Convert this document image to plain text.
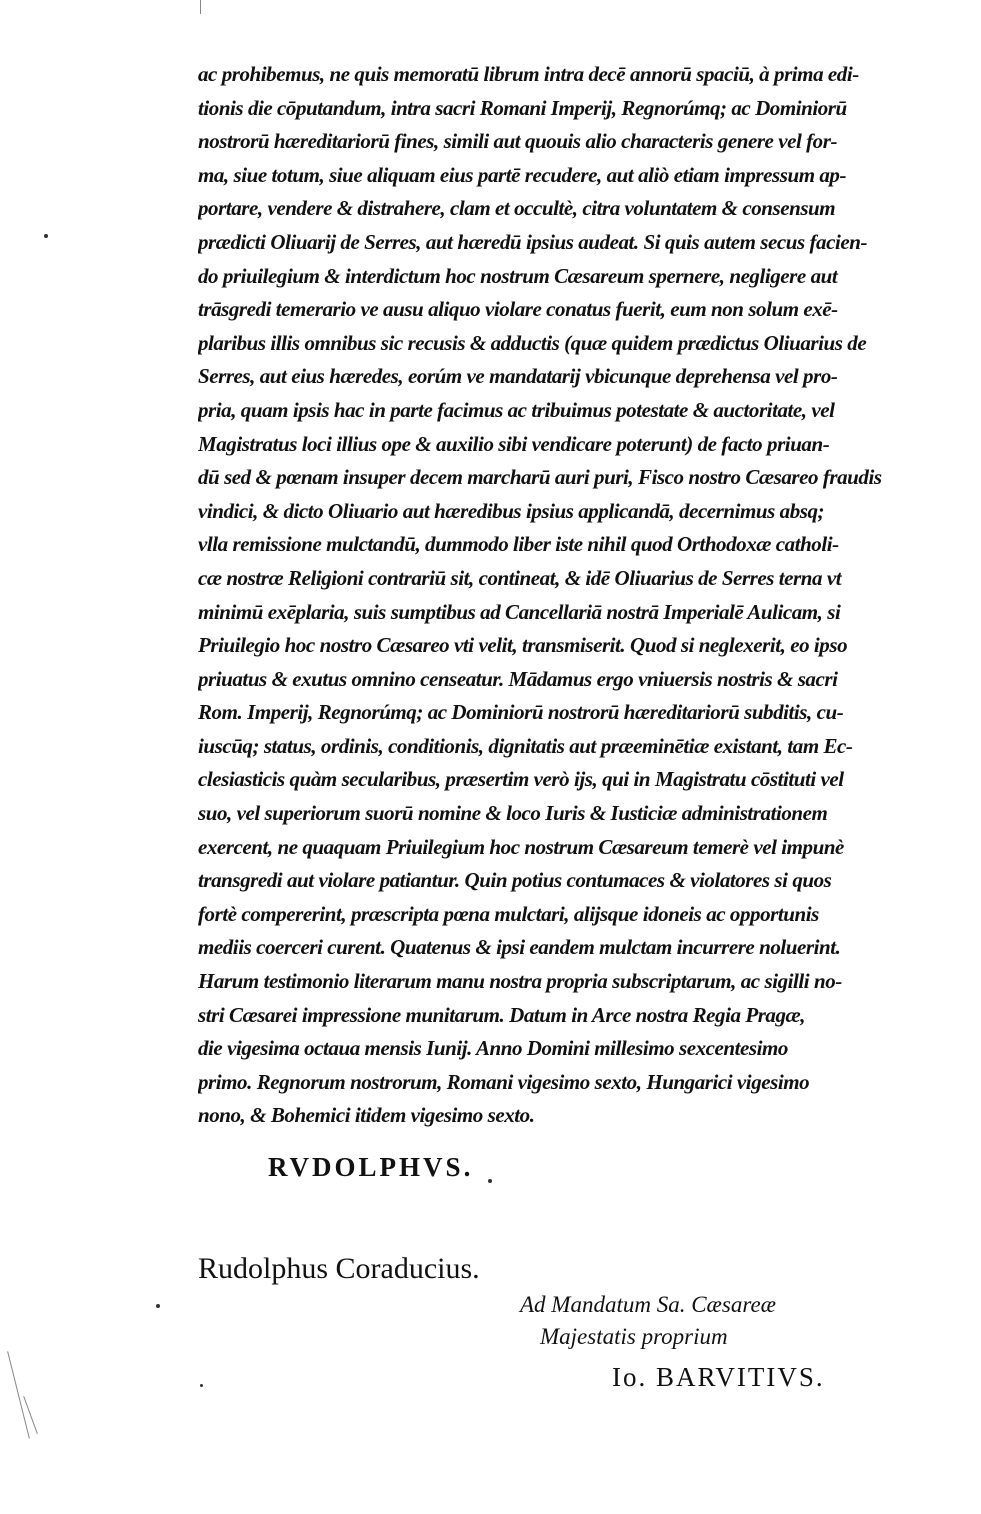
ac prohibemus, ne quis memoratū librum intra decē annorū spaciū, à prima edi-
tionis die cōputandum, intra sacri Romani Imperij, Regnorúmq; ac Dominiorū
nostrorū hæreditariorū fines, simili aut quouis alio characteris genere vel for-
ma, siue totum, siue aliquam eius partē recudere, aut aliò etiam impressum ap-
portare, vendere & distrahere, clam et occultè, citra voluntatem & consensum
prædicti Oliuarij de Serres, aut hæredū ipsius audeat. Si quis autem secus facien-
do priuilegium & interdictum hoc nostrum Cæsareum spernere, negligere aut
trāsgredi temerario ve ausu aliquo violare conatus fuerit, eum non solum exē-
plaribus illis omnibus sic recusis & adductis (quæ quidem prædictus Oliuarius de
Serres, aut eius hæredes, eorúm ve mandatarij vbicunque deprehensa vel pro-
pria, quam ipsis hac in parte facimus ac tribuimus potestate & auctoritate, vel
Magistratus loci illius ope & auxilio sibi vendicare poterunt) de facto priuan-
dū sed & pœnam insuper decem marcharū auri puri, Fisco nostro Cæsareo fraudis
vindici, & dicto Oliuario aut hæredibus ipsius applicandā, decernimus absq;
vlla remissione mulctandū, dummodo liber iste nihil quod Orthodoxæ catholi-
cæ nostræ Religioni contrariū sit, contineat, & idē Oliuarius de Serres terna vt
minimū exēplaria, suis sumptibus ad Cancellariā nostrā Imperialē Aulicam, si
Priuilegio hoc nostro Cæsareo vti velit, transmiserit. Quod si neglexerit, eo ipso
priuatus & exutus omnino censeatur. Mādamus ergo vniuersis nostris & sacri
Rom. Imperij, Regnorúmq; ac Dominiorū nostrorū hæreditariorū subditis, cu-
iuscūq; status, ordinis, conditionis, dignitatis aut præeminētiæ existant, tam Ec-
clesiasticis quàm secularibus, præsertim verò ijs, qui in Magistratu cōstituti vel
suo, vel superiorum suorū nomine & loco Iuris & Iusticiæ administrationem
exercent, ne quaquam Priuilegium hoc nostrum Cæsareum temerè vel impunè
transgredi aut violare patiantur. Quin potius contumaces & violatores si quos
fortè compererint, præscripta pœna mulctari, alijsque idoneis ac opportunis
mediis coerceri curent. Quatenus & ipsi eandem mulctam incurrere noluerint.
Harum testimonio literarum manu nostra propria subscriptarum, ac sigilli no-
stri Cæsarei impressione munitarum. Datum in Arce nostra Regia Pragæ,
die vigesima octaua mensis Iunij. Anno Domini millesimo sexcentesimo
primo. Regnorum nostrorum, Romani vigesimo sexto, Hungarici vigesimo
nono, & Bohemici itidem vigesimo sexto.
RVDOLPHVS.
Rudolphus Coraducius.
Ad Mandatum Sa. Cæsareæ
Majestatis proprium
Io. BARVITIVS.
